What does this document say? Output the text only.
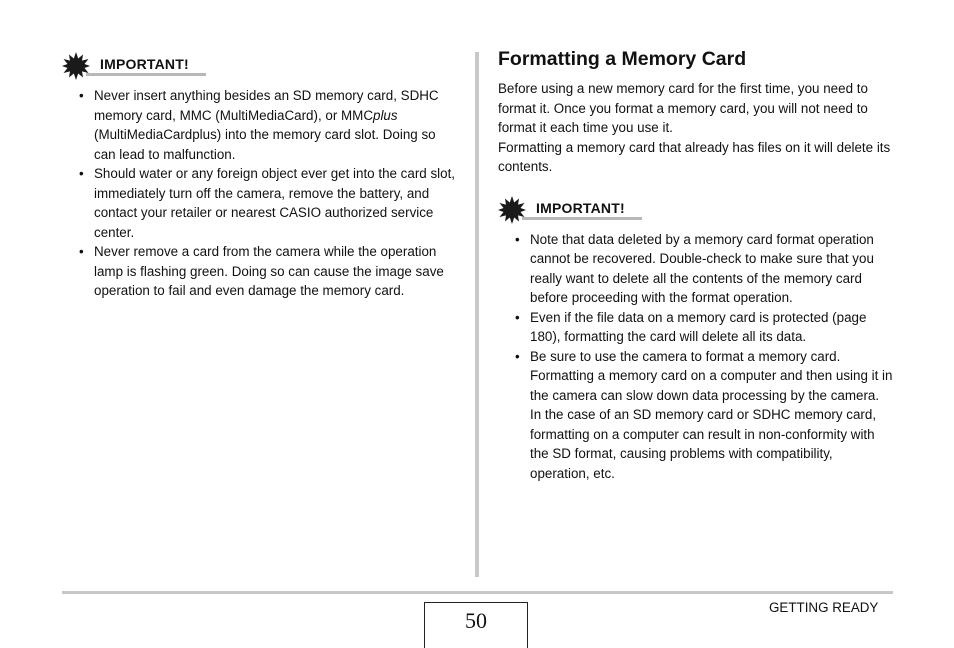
IMPORTANT!
• Never insert anything besides an SD memory card, SDHC memory card, MMC (MultiMediaCard), or MMCplus (MultiMediaCardplus) into the memory card slot. Doing so can lead to malfunction.
• Should water or any foreign object ever get into the card slot, immediately turn off the camera, remove the battery, and contact your retailer or nearest CASIO authorized service center.
• Never remove a card from the camera while the operation lamp is flashing green. Doing so can cause the image save operation to fail and even damage the memory card.
Formatting a Memory Card

Before using a new memory card for the first time, you need to format it. Once you format a memory card, you will not need to format it each time you use it.

Formatting a memory card that already has files on it will delete its contents.

IMPORTANT!
• Note that data deleted by a memory card format operation cannot be recovered. Double-check to make sure that you really want to delete all the contents of the memory card before proceeding with the format operation.
• Even if the file data on a memory card is protected (page 180), formatting the card will delete all its data.
• Be sure to use the camera to format a memory card. Formatting a memory card on a computer and then using it in the camera can slow down data processing by the camera. In the case of an SD memory card or SDHC memory card, formatting on a computer can result in non-conformity with the SD format, causing problems with compatibility, operation, etc.
50
GETTING READY
